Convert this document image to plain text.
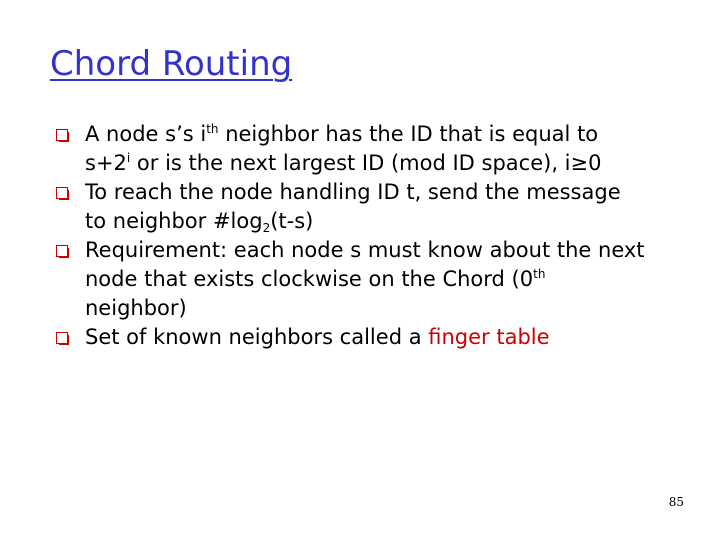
Chord Routing
A node s’s $i^{th}$ neighbor has the ID that is equal to
$s+2^i$ or is the next largest ID (mod ID space), i≥0
To reach the node handling ID t, send the message
to neighbor $\#\log_2(t-s)$
Requirement: each node s must know about the next
node that exists clockwise on the Chord (0th
neighbor)
Set of known neighbors called a finger table
85
